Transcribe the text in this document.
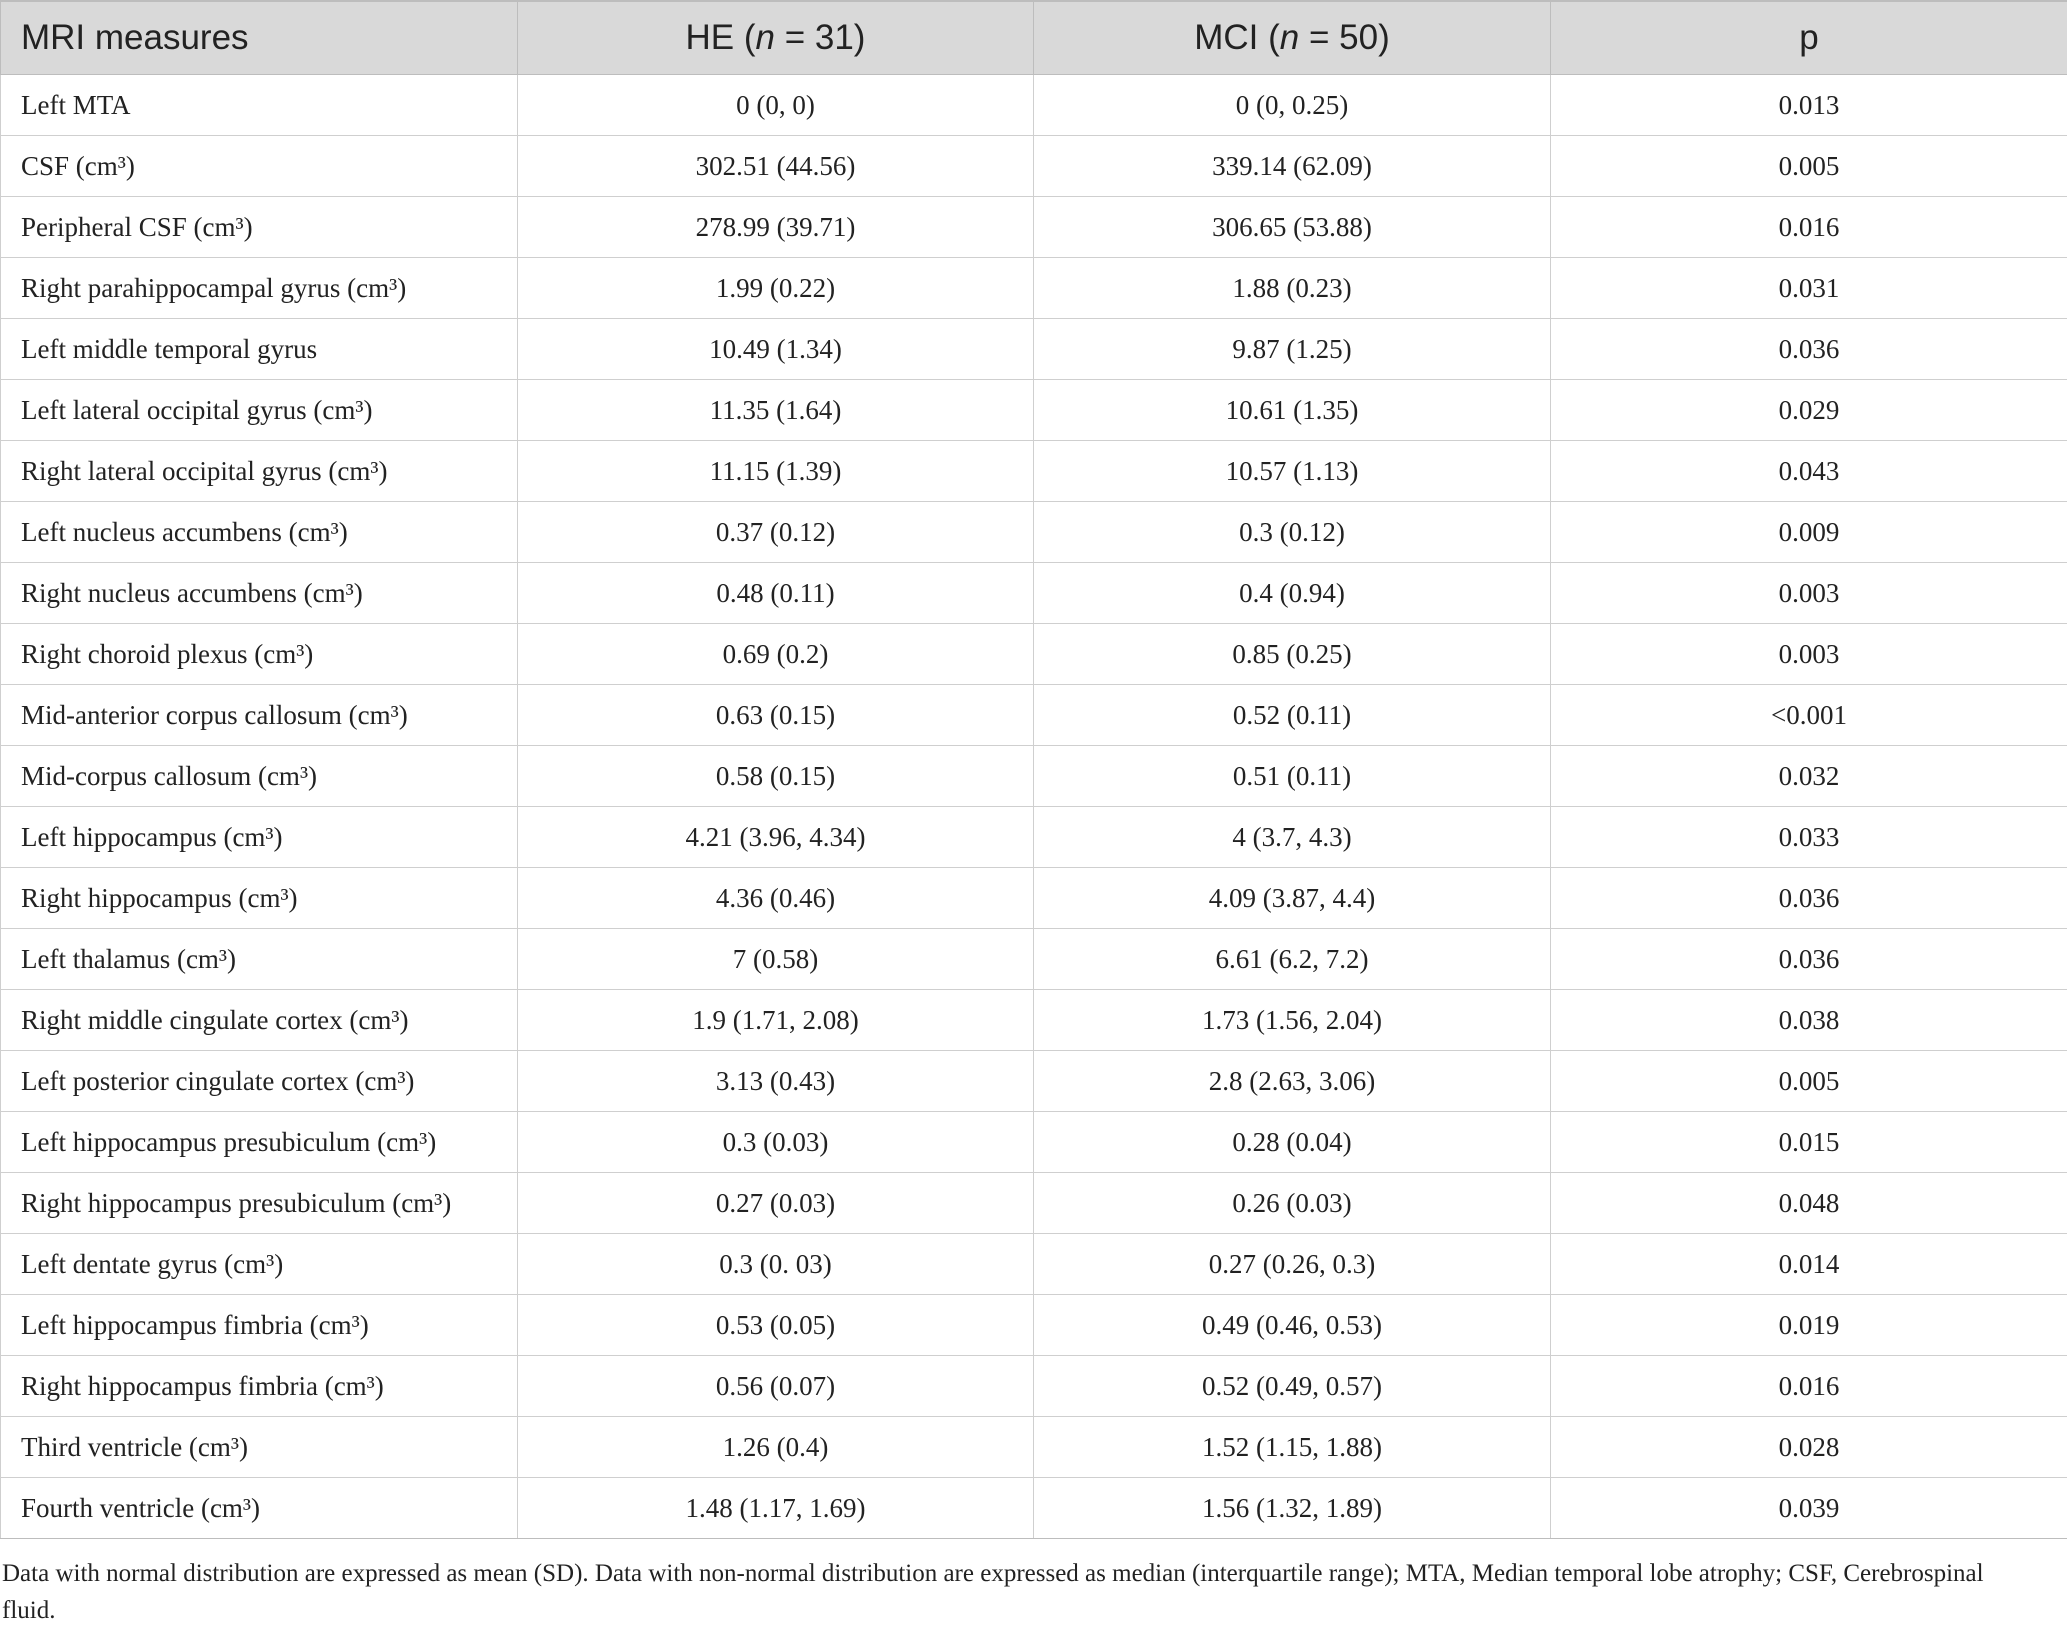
MRI measures	HE (n = 31)	MCI (n = 50)	p
Left MTA	0 (0, 0)	0 (0, 0.25)	0.013
CSF (cm³)	302.51 (44.56)	339.14 (62.09)	0.005
Peripheral CSF (cm³)	278.99 (39.71)	306.65 (53.88)	0.016
Right parahippocampal gyrus (cm³)	1.99 (0.22)	1.88 (0.23)	0.031
Left middle temporal gyrus	10.49 (1.34)	9.87 (1.25)	0.036
Left lateral occipital gyrus (cm³)	11.35 (1.64)	10.61 (1.35)	0.029
Right lateral occipital gyrus (cm³)	11.15 (1.39)	10.57 (1.13)	0.043
Left nucleus accumbens (cm³)	0.37 (0.12)	0.3 (0.12)	0.009
Right nucleus accumbens (cm³)	0.48 (0.11)	0.4 (0.94)	0.003
Right choroid plexus (cm³)	0.69 (0.2)	0.85 (0.25)	0.003
Mid-anterior corpus callosum (cm³)	0.63 (0.15)	0.52 (0.11)	<0.001
Mid-corpus callosum (cm³)	0.58 (0.15)	0.51 (0.11)	0.032
Left hippocampus (cm³)	4.21 (3.96, 4.34)	4 (3.7, 4.3)	0.033
Right hippocampus (cm³)	4.36 (0.46)	4.09 (3.87, 4.4)	0.036
Left thalamus (cm³)	7 (0.58)	6.61 (6.2, 7.2)	0.036
Right middle cingulate cortex (cm³)	1.9 (1.71, 2.08)	1.73 (1.56, 2.04)	0.038
Left posterior cingulate cortex (cm³)	3.13 (0.43)	2.8 (2.63, 3.06)	0.005
Left hippocampus presubiculum (cm³)	0.3 (0.03)	0.28 (0.04)	0.015
Right hippocampus presubiculum (cm³)	0.27 (0.03)	0.26 (0.03)	0.048
Left dentate gyrus (cm³)	0.3 (0. 03)	0.27 (0.26, 0.3)	0.014
Left hippocampus fimbria (cm³)	0.53 (0.05)	0.49 (0.46, 0.53)	0.019
Right hippocampus fimbria (cm³)	0.56 (0.07)	0.52 (0.49, 0.57)	0.016
Third ventricle (cm³)	1.26 (0.4)	1.52 (1.15, 1.88)	0.028
Fourth ventricle (cm³)	1.48 (1.17, 1.69)	1.56 (1.32, 1.89)	0.039
Data with normal distribution are expressed as mean (SD). Data with non-normal distribution are expressed as median (interquartile range); MTA, Median temporal lobe atrophy; CSF, Cerebrospinal fluid.
